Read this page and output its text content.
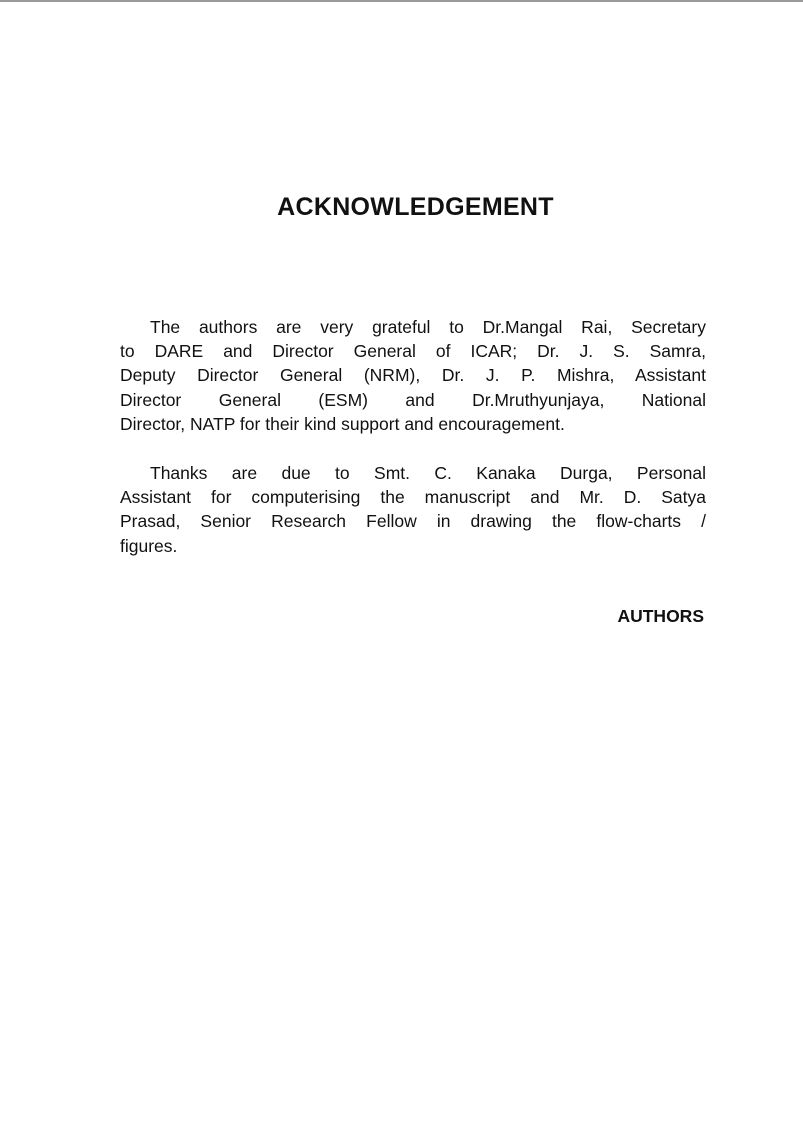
ACKNOWLEDGEMENT
The authors are very grateful to Dr.Mangal Rai, Secretary
to DARE and Director General of ICAR; Dr. J. S. Samra,
Deputy Director General (NRM), Dr. J. P. Mishra, Assistant
Director General (ESM) and Dr.Mruthyunjaya, National
Director, NATP for their kind support and encouragement.
Thanks are due to Smt. C. Kanaka Durga, Personal
Assistant for computerising the manuscript and Mr. D. Satya
Prasad, Senior Research Fellow in drawing the flow-charts /
figures.
AUTHORS
